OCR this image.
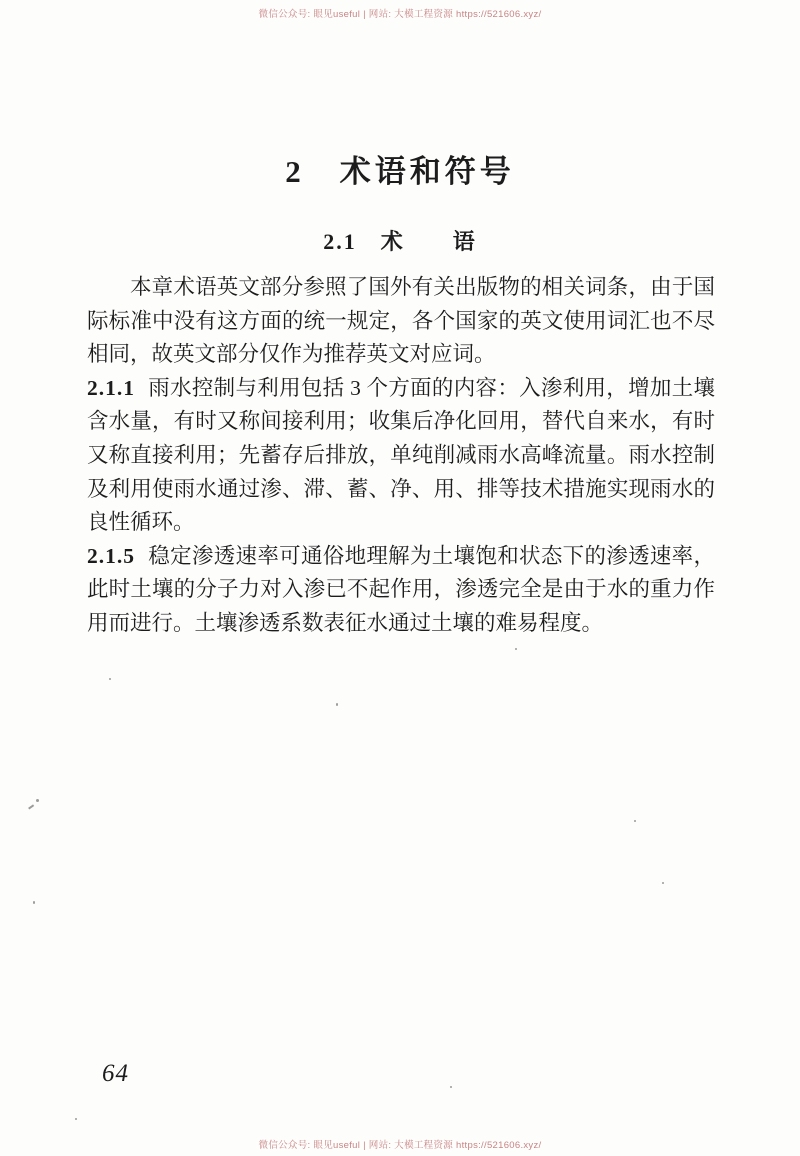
微信公众号: 眼见useful | 网站: 大模工程资源 https://521606.xyz/
2　术语和符号
2.1　术　　语

本章术语英文部分参照了国外有关出版物的相关词条，由于国际标准中没有这方面的统一规定，各个国家的英文使用词汇也不尽相同，故英文部分仅作为推荐英文对应词。

2.1.1 雨水控制与利用包括 3 个方面的内容：入渗利用，增加土壤含水量，有时又称间接利用；收集后净化回用，替代自来水，有时又称直接利用；先蓄存后排放，单纯削减雨水高峰流量。雨水控制及利用使雨水通过渗、滞、蓄、净、用、排等技术措施实现雨水的良性循环。

2.1.5 稳定渗透速率可通俗地理解为土壤饱和状态下的渗透速率，此时土壤的分子力对入渗已不起作用，渗透完全是由于水的重力作用而进行。土壤渗透系数表征水通过土壤的难易程度。

64
微信公众号: 眼见useful | 网站: 大模工程资源 https://521606.xyz/
